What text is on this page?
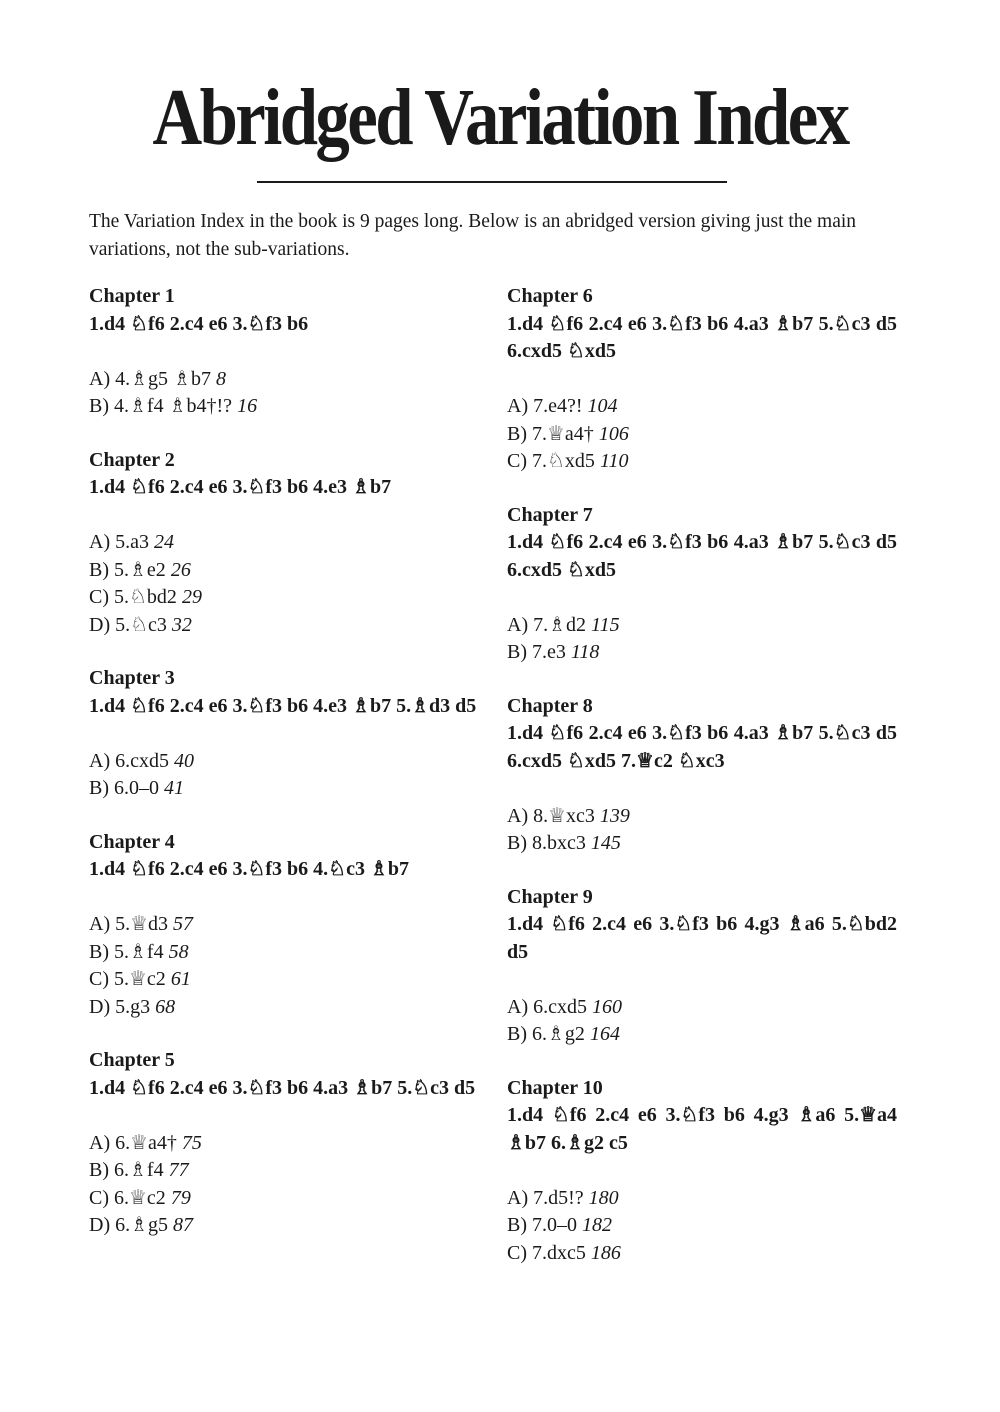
Abridged Variation Index

The Variation Index in the book is 9 pages long. Below is an abridged version giving just the main variations, not the sub-variations.

Chapter 1
1.d4 ♘f6 2.c4 e6 3.♘f3 b6
A) 4.♗g5 ♗b7 8
B) 4.♗f4 ♗b4†!? 16
Chapter 2
1.d4 ♘f6 2.c4 e6 3.♘f3 b6 4.e3 ♗b7
A) 5.a3 24
B) 5.♗e2 26
C) 5.♘bd2 29
D) 5.♘c3 32
Chapter 3
1.d4 ♘f6 2.c4 e6 3.♘f3 b6 4.e3 ♗b7 5.♗d3 d5
A) 6.cxd5 40
B) 6.0–0 41
Chapter 4
1.d4 ♘f6 2.c4 e6 3.♘f3 b6 4.♘c3 ♗b7
A) 5.♕d3 57
B) 5.♗f4 58
C) 5.♕c2 61
D) 5.g3 68
Chapter 5
1.d4 ♘f6 2.c4 e6 3.♘f3 b6 4.a3 ♗b7 5.♘c3 d5
A) 6.♕a4† 75
B) 6.♗f4 77
C) 6.♕c2 79
D) 6.♗g5 87
Chapter 6
1.d4 ♘f6 2.c4 e6 3.♘f3 b6 4.a3 ♗b7 5.♘c3 d5 6.cxd5 ♘xd5
A) 7.e4?! 104
B) 7.♕a4† 106
C) 7.♘xd5 110
Chapter 7
1.d4 ♘f6 2.c4 e6 3.♘f3 b6 4.a3 ♗b7 5.♘c3 d5 6.cxd5 ♘xd5
A) 7.♗d2 115
B) 7.e3 118
Chapter 8
1.d4 ♘f6 2.c4 e6 3.♘f3 b6 4.a3 ♗b7 5.♘c3 d5 6.cxd5 ♘xd5 7.♕c2 ♘xc3
A) 8.♕xc3 139
B) 8.bxc3 145
Chapter 9
1.d4 ♘f6 2.c4 e6 3.♘f3 b6 4.g3 ♗a6 5.♘bd2 d5
A) 6.cxd5 160
B) 6.♗g2 164
Chapter 10
1.d4 ♘f6 2.c4 e6 3.♘f3 b6 4.g3 ♗a6 5.♕a4 ♗b7 6.♗g2 c5
A) 7.d5!? 180
B) 7.0–0 182
C) 7.dxc5 186
